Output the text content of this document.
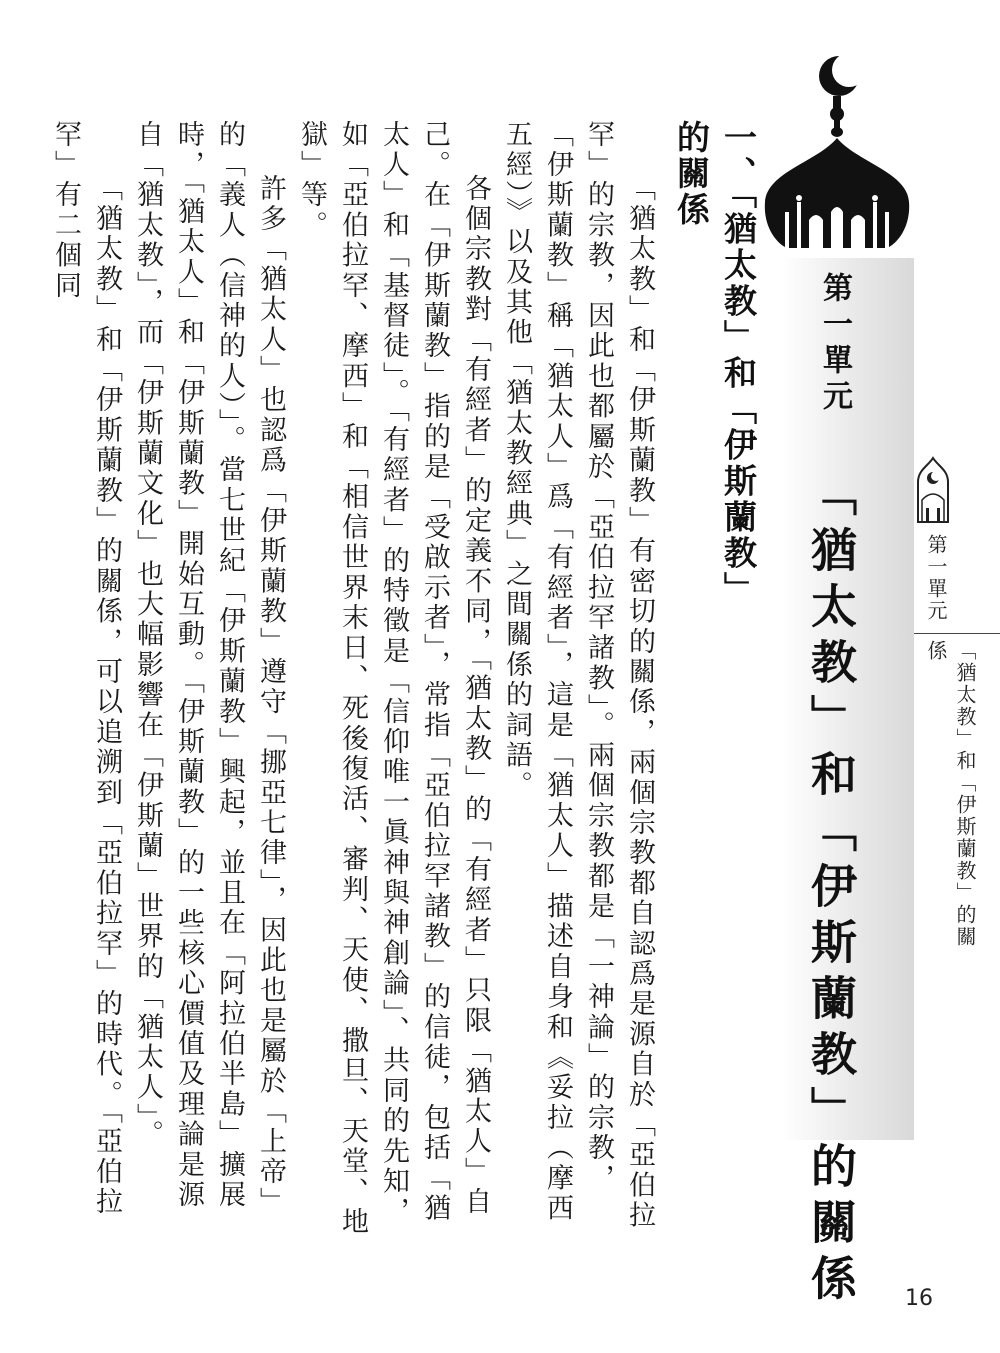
第一單元
「猶太教」和「伊斯蘭教」的關係	第一單元
「猶太教」和「伊斯蘭教」的關係
一、「猶太教」和「伊斯蘭教」的關係

「猶太教」和「伊斯蘭教」有密切的關係，兩個宗教都自認爲是源自於「亞伯拉罕」的宗教，因此也都屬於「亞伯拉罕諸教」。兩個宗教都是「一神論」的宗教，「伊斯蘭教」稱「猶太人」爲「有經者」，這是「猶太人」描述自身和《妥拉（摩西五經）》以及其他「猶太教經典」之間關係的詞語。

各個宗教對「有經者」的定義不同，「猶太教」的「有經者」只限「猶太人」自己。在「伊斯蘭教」指的是「受啟示者」，常指「亞伯拉罕諸教」的信徒，包括「猶太人」和「基督徒」。「有經者」的特徵是「信仰唯一眞神與神創論」、共同的先知，如「亞伯拉罕、摩西」和「相信世界末日、死後復活、審判、天使、撒旦、天堂、地獄」等。

許多「猶太人」也認爲「伊斯蘭教」遵守「挪亞七律」，因此也是屬於「上帝」的「義人（信神的人）」。當七世紀「伊斯蘭教」興起，並且在「阿拉伯半島」擴展時，「猶太人」和「伊斯蘭教」開始互動。「伊斯蘭教」的一些核心價值及理論是源自「猶太教」，而「伊斯蘭文化」也大幅影響在「伊斯蘭」世界的「猶太人」。

「猶太教」和「伊斯蘭教」的關係，可以追溯到「亞伯拉罕」的時代。「亞伯拉罕」有二個同

16
